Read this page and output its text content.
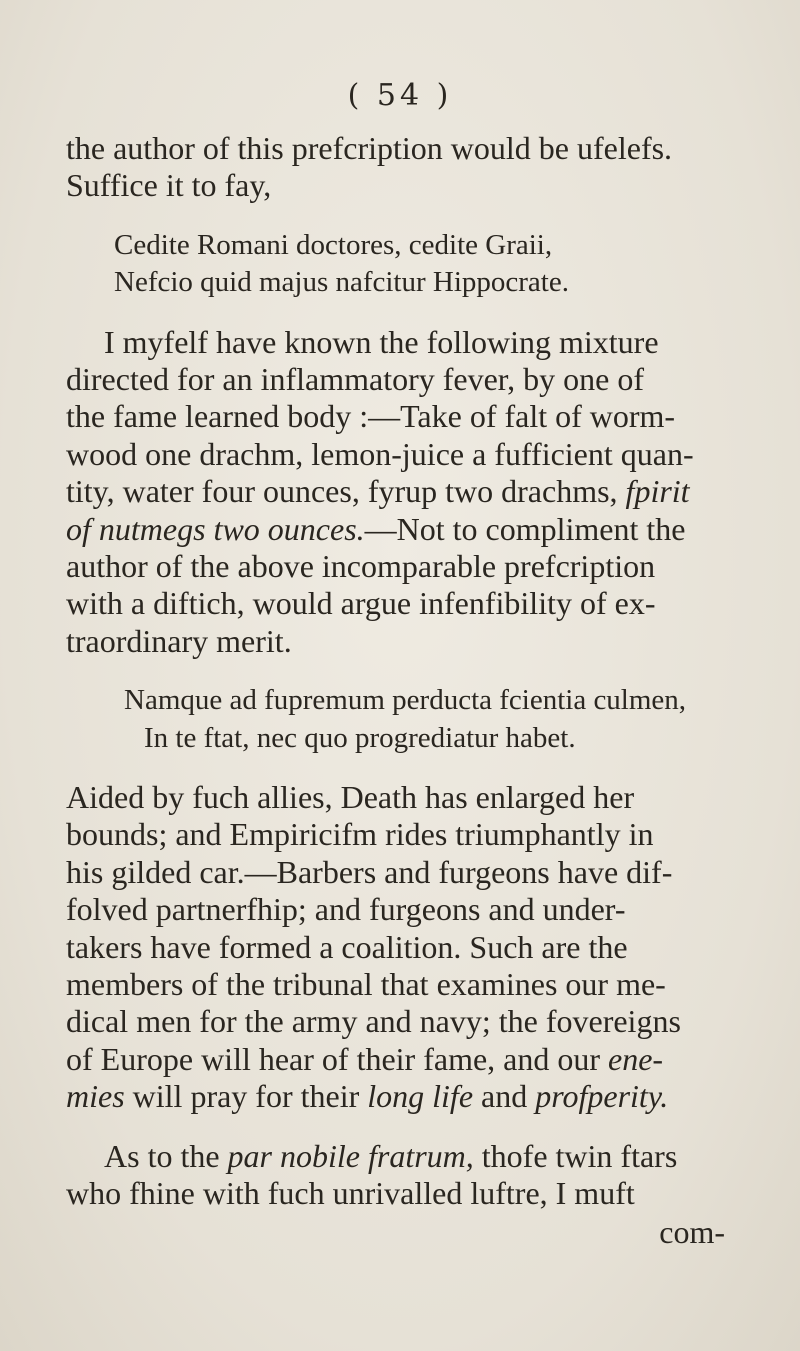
( 54 )
the author of this prefcription would be ufelefs.
Suffice it to fay,
Cedite Romani doctores, cedite Graii,
Nefcio quid majus nafcitur Hippocrate.
I myfelf have known the following mixture
directed for an inflammatory fever, by one of
the fame learned body :—Take of falt of worm-
wood one drachm, lemon-juice a fufficient quan-
tity, water four ounces, fyrup two drachms, fpirit
of nutmegs two ounces.—Not to compliment the
author of the above incomparable prefcription
with a diftich, would argue infenfibility of ex-
traordinary merit.
Namque ad fupremum perducta fcientia culmen,
In te ftat, nec quo progrediatur habet.
Aided by fuch allies, Death has enlarged her
bounds; and Empiricifm rides triumphantly in
his gilded car.—Barbers and furgeons have dif-
folved partnerfhip; and furgeons and under-
takers have formed a coalition. Such are the
members of the tribunal that examines our me-
dical men for the army and navy; the fovereigns
of Europe will hear of their fame, and our ene-
mies will pray for their long life and profperity.
As to the par nobile fratrum, thofe twin ftars
who fhine with fuch unrivalled luftre, I muft
com-
